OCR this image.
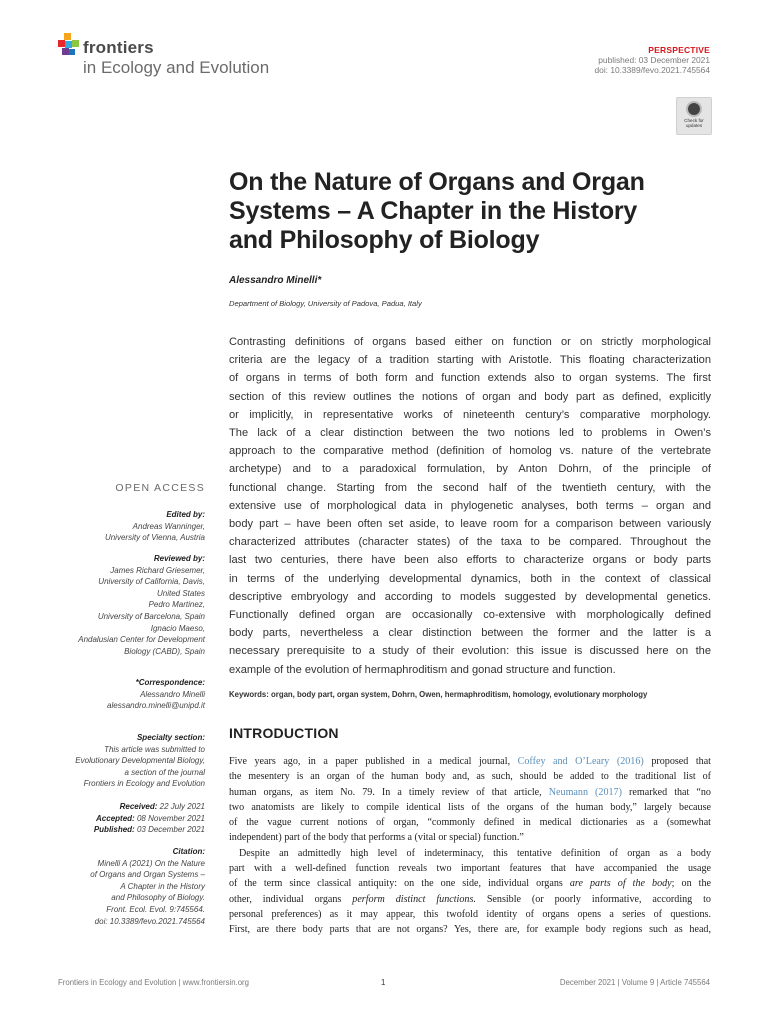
frontiers
in Ecology and Evolution
PERSPECTIVE
published: 03 December 2021
doi: 10.3389/fevo.2021.745564
Check for
updates
On the Nature of Organs and Organ
Systems – A Chapter in the History
and Philosophy of Biology
Alessandro Minelli*
Department of Biology, University of Padova, Padua, Italy
Contrasting definitions of organs based either on function or on strictly morphological
criteria are the legacy of a tradition starting with Aristotle. This floating characterization
of organs in terms of both form and function extends also to organ systems. The first
section of this review outlines the notions of organ and body part as defined, explicitly
or implicitly, in representative works of nineteenth century’s comparative morphology.
The lack of a clear distinction between the two notions led to problems in Owen’s
approach to the comparative method (definition of homolog vs. nature of the vertebrate
archetype) and to a paradoxical formulation, by Anton Dohrn, of the principle of
functional change. Starting from the second half of the twentieth century, with the
extensive use of morphological data in phylogenetic analyses, both terms – organ and
body part – have been often set aside, to leave room for a comparison between variously
characterized attributes (character states) of the taxa to be compared. Throughout the
last two centuries, there have been also efforts to characterize organs or body parts
in terms of the underlying developmental dynamics, both in the context of classical
descriptive embryology and according to models suggested by developmental genetics.
Functionally defined organ are occasionally co-extensive with morphologically defined
body parts, nevertheless a clear distinction between the former and the latter is a
necessary prerequisite to a study of their evolution: this issue is discussed here on the
example of the evolution of hermaphroditism and gonad structure and function.
Keywords: organ, body part, organ system, Dohrn, Owen, hermaphroditism, homology, evolutionary morphology
INTRODUCTION
Five years ago, in a paper published in a medical journal, Coffey and O’Leary (2016) proposed that
the mesentery is an organ of the human body and, as such, should be added to the traditional list of
human organs, as item No. 79. In a timely review of that article, Neumann (2017) remarked that “no
two anatomists are likely to compile identical lists of the organs of the human body,” largely because
of the vague current notions of organ, “commonly defined in medical dictionaries as a (somewhat
independent) part of the body that performs a (vital or special) function.”
Despite an admittedly high level of indeterminacy, this tentative definition of organ as a body
part with a well-defined function reveals two important features that have accompanied the usage
of the term since classical antiquity: on the one side, individual organs are parts of the body; on the
other, individual organs perform distinct functions. Sensible (or poorly informative, according to
personal preferences) as it may appear, this twofold identity of organs opens a series of questions.
First, are there body parts that are not organs? Yes, there are, for example body regions such as head,
OPEN ACCESS
Edited by:
Andreas Wanninger,
University of Vienna, Austria
Reviewed by:
James Richard Griesemer,
University of California, Davis,
United States
Pedro Martinez,
University of Barcelona, Spain
Ignacio Maeso,
Andalusian Center for Development
Biology (CABD), Spain
*Correspondence:
Alessandro Minelli
alessandro.minelli@unipd.it
Specialty section:
This article was submitted to
Evolutionary Developmental Biology,
a section of the journal
Frontiers in Ecology and Evolution
Received: 22 July 2021
Accepted: 08 November 2021
Published: 03 December 2021
Citation:
Minelli A (2021) On the Nature
of Organs and Organ Systems –
A Chapter in the History
and Philosophy of Biology.
Front. Ecol. Evol. 9:745564.
doi: 10.3389/fevo.2021.745564
Frontiers in Ecology and Evolution | www.frontiersin.org	1	December 2021 | Volume 9 | Article 745564
